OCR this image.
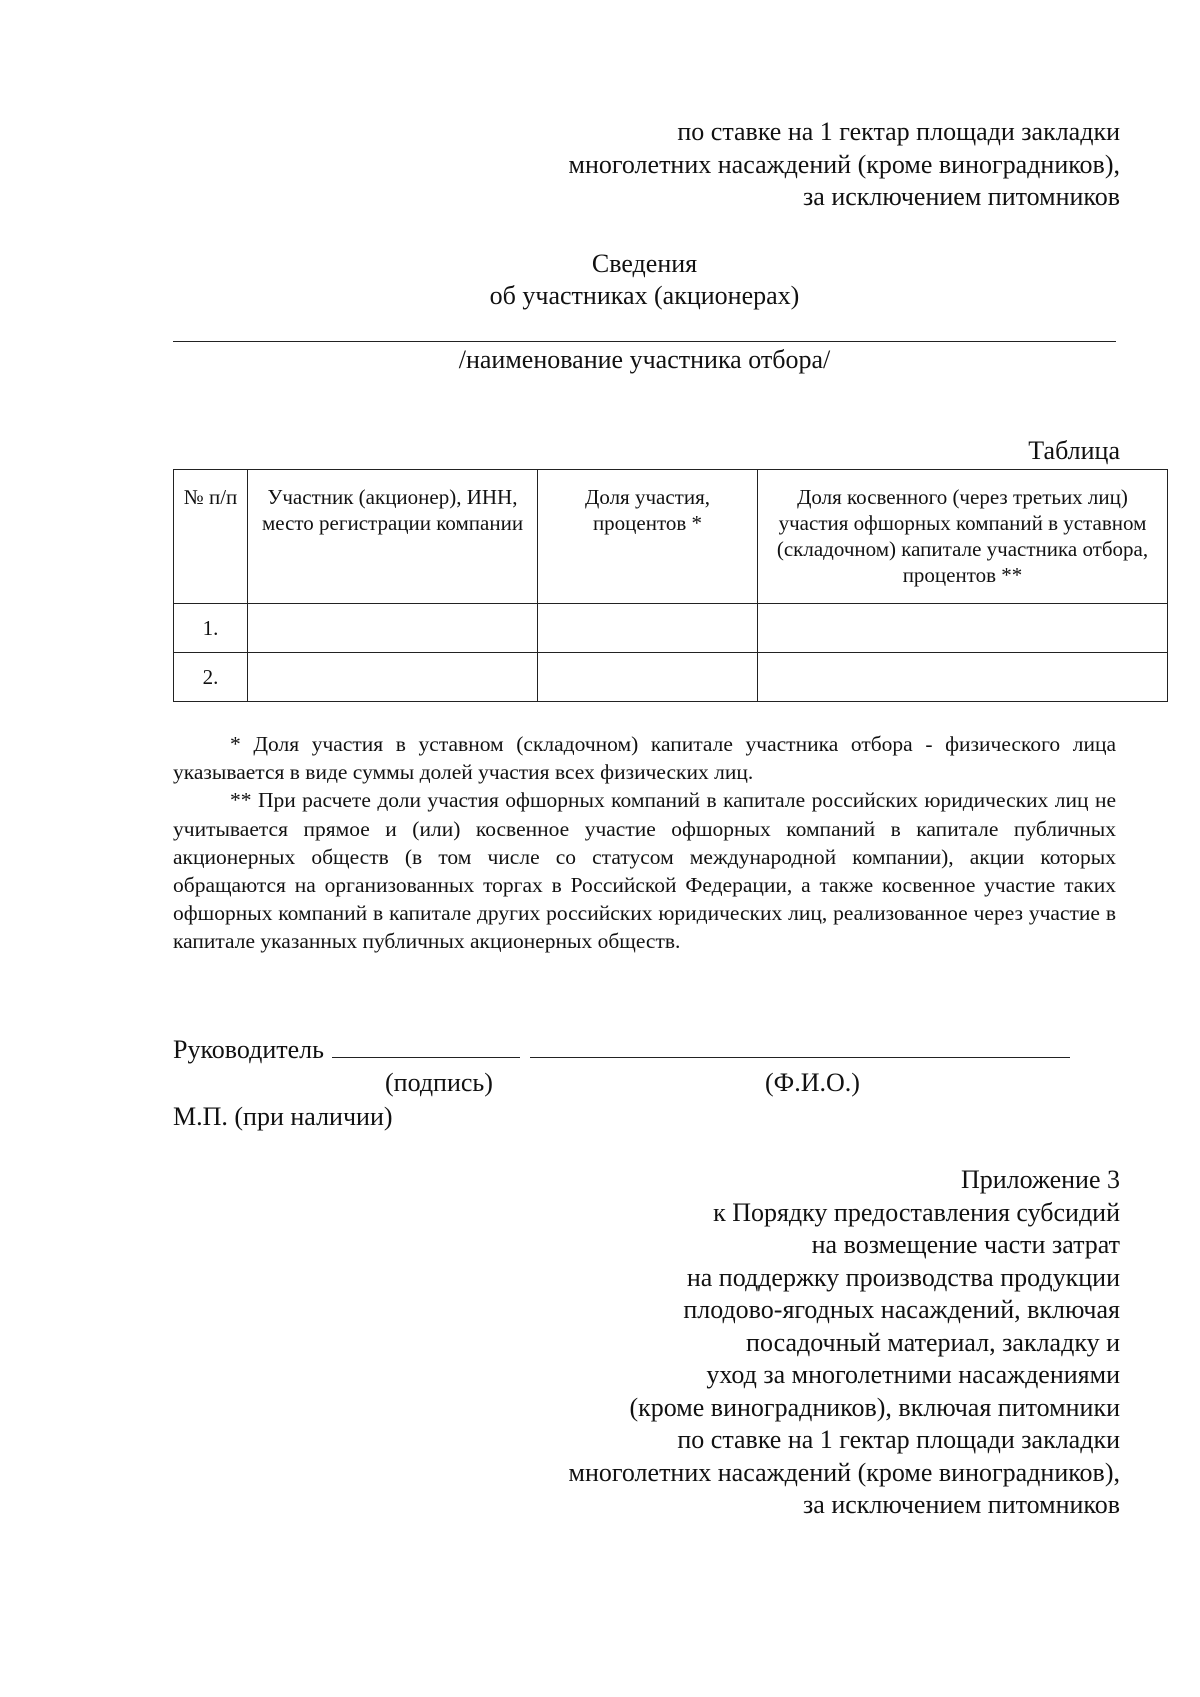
по ставке на 1 гектар площади закладки
многолетних насаждений (кроме виноградников),
за исключением питомников
Сведения
об участниках (акционерах)
/наименование участника отбора/
Таблица
№ п/п	Участник (акционер), ИНН, место регистрации компании	Доля участия, процентов *	Доля косвенного (через третьих лиц) участия офшорных компаний в уставном (складочном) капитале участника отбора, процентов **
1.			
2.			

* Доля участия в уставном (складочном) капитале участника отбора - физического лица указывается в виде суммы долей участия всех физических лиц.

** При расчете доли участия офшорных компаний в капитале российских юридических лиц не учитывается прямое и (или) косвенное участие офшорных компаний в капитале публичных акционерных обществ (в том числе со статусом международной компании), акции которых обращаются на организованных торгах в Российской Федерации, а также косвенное участие таких офшорных компаний в капитале других российских юридических лиц, реализованное через участие в капитале указанных публичных акционерных обществ.

Руководитель
(подпись)	(Ф.И.О.)
М.П. (при наличии)
Приложение 3
к Порядку предоставления субсидий
на возмещение части затрат
на поддержку производства продукции
плодово-ягодных насаждений, включая
посадочный материал, закладку и
уход за многолетними насаждениями
(кроме виноградников), включая питомники
по ставке на 1 гектар площади закладки
многолетних насаждений (кроме виноградников),
за исключением питомников
